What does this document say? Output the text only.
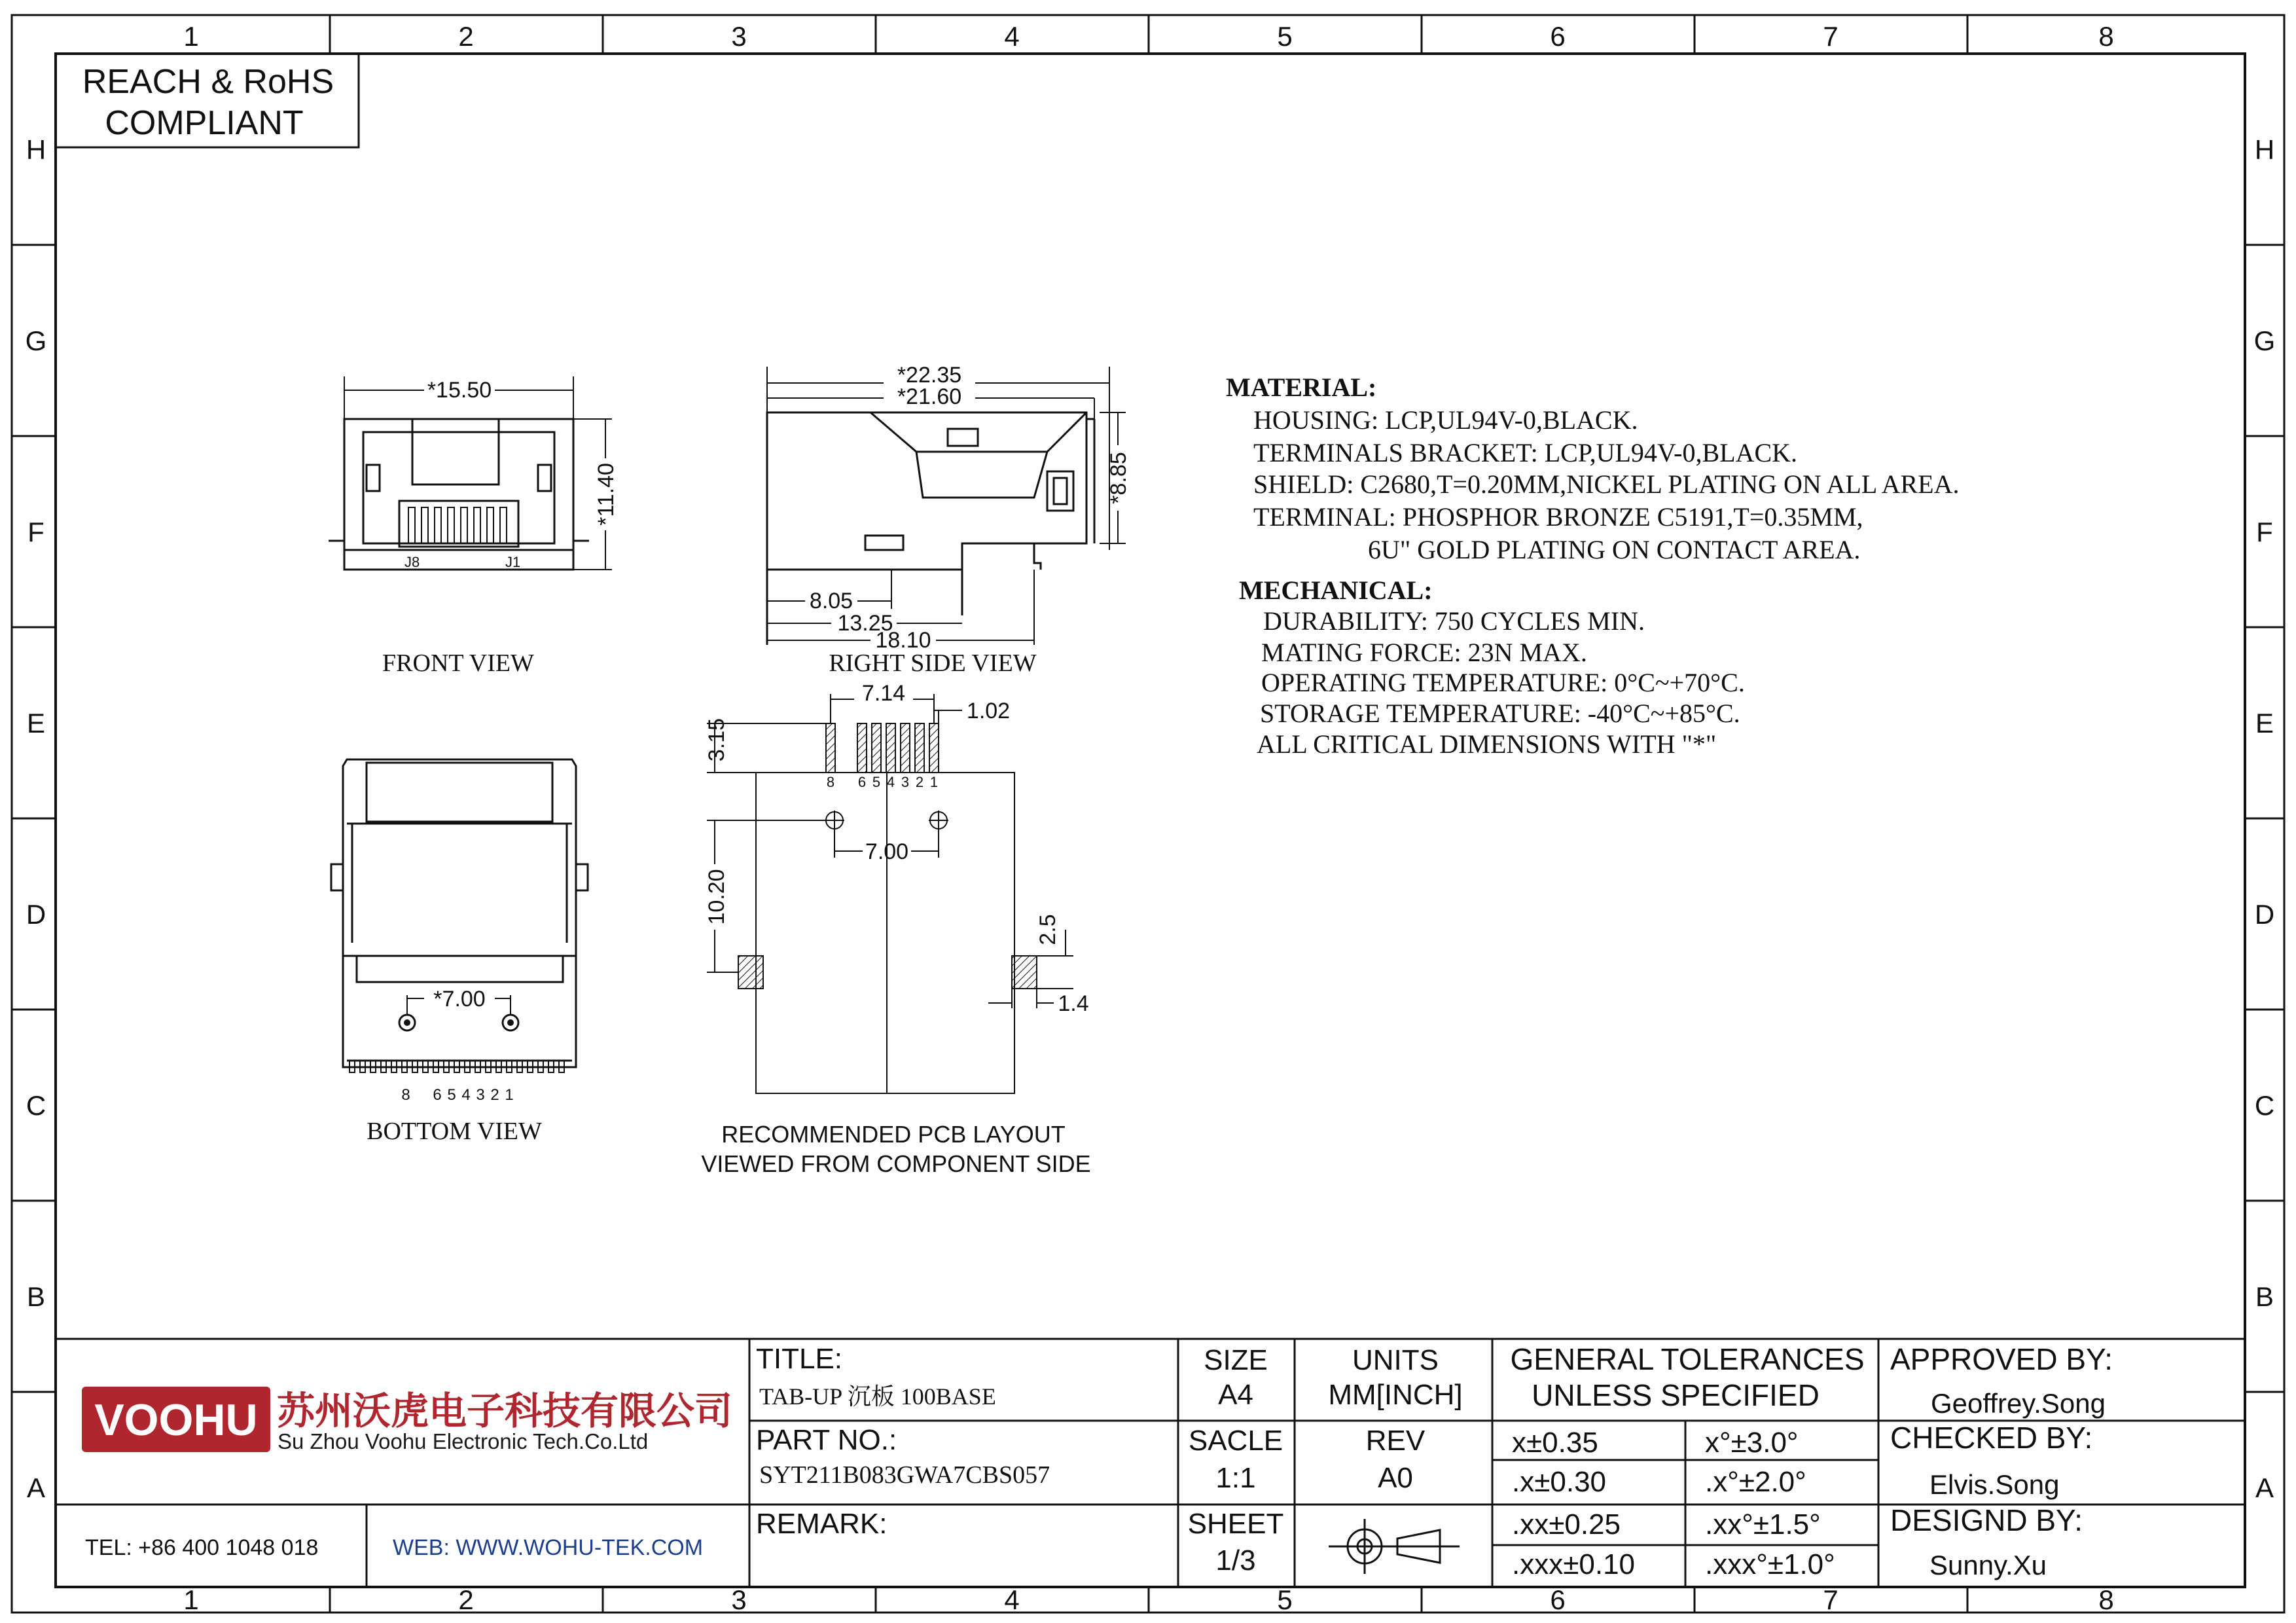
1	2	3	4	5	6	7	8
1	2	3	4	5	6	7	8
H
G
F
E
D
C
B
A
H
G
F
E
D
C
B
A
REACH & RoHS
COMPLIANT
J8	J1
*15.50
*11.40
FRONT VIEW
*22.35
*21.60
*8.85
8.05
13.25
18.10
RIGHT SIDE VIEW
8 6 5 4 3 2 1
*7.00
BOTTOM VIEW
8 6 5 4 3 2 1
7.14
1.02
3.15
7.00
10.20
2.5
1.4
RECOMMENDED PCB LAYOUT
VIEWED FROM COMPONENT SIDE
MATERIAL:
HOUSING: LCP,UL94V-0,BLACK.
TERMINALS BRACKET: LCP,UL94V-0,BLACK.
SHIELD: C2680,T=0.20MM,NICKEL PLATING ON ALL AREA.
TERMINAL: PHOSPHOR BRONZE C5191,T=0.35MM,
6U" GOLD PLATING ON CONTACT AREA.
MECHANICAL:
DURABILITY: 750 CYCLES MIN.
MATING FORCE: 23N MAX.
OPERATING TEMPERATURE: 0°C~+70°C.
STORAGE TEMPERATURE: -40°C~+85°C.
ALL CRITICAL DIMENSIONS WITH "*"
VOOHU 苏州沃虎电子科技有限公司
Su Zhou Voohu Electronic Tech.Co.Ltd
TEL: +86 400 1048 018	WEB: WWW.WOHU-TEK.COM
TITLE:
TAB-UP 沉板 100BASE
PART NO.:
SYT211B083GWA7CBS057
REMARK:
SIZE
A4
SACLE
1:1
SHEET
1/3
UNITS
MM[INCH]
REV
A0
GENERAL TOLERANCES
UNLESS SPECIFIED
x±0.35	x°±3.0°
.x±0.30	.x°±2.0°
.xx±0.25	.xx°±1.5°
.xxx±0.10 .xxx°±1.0°
APPROVED BY:
Geoffrey.Song
CHECKED BY:
Elvis.Song
DESIGND BY:
Sunny.Xu
